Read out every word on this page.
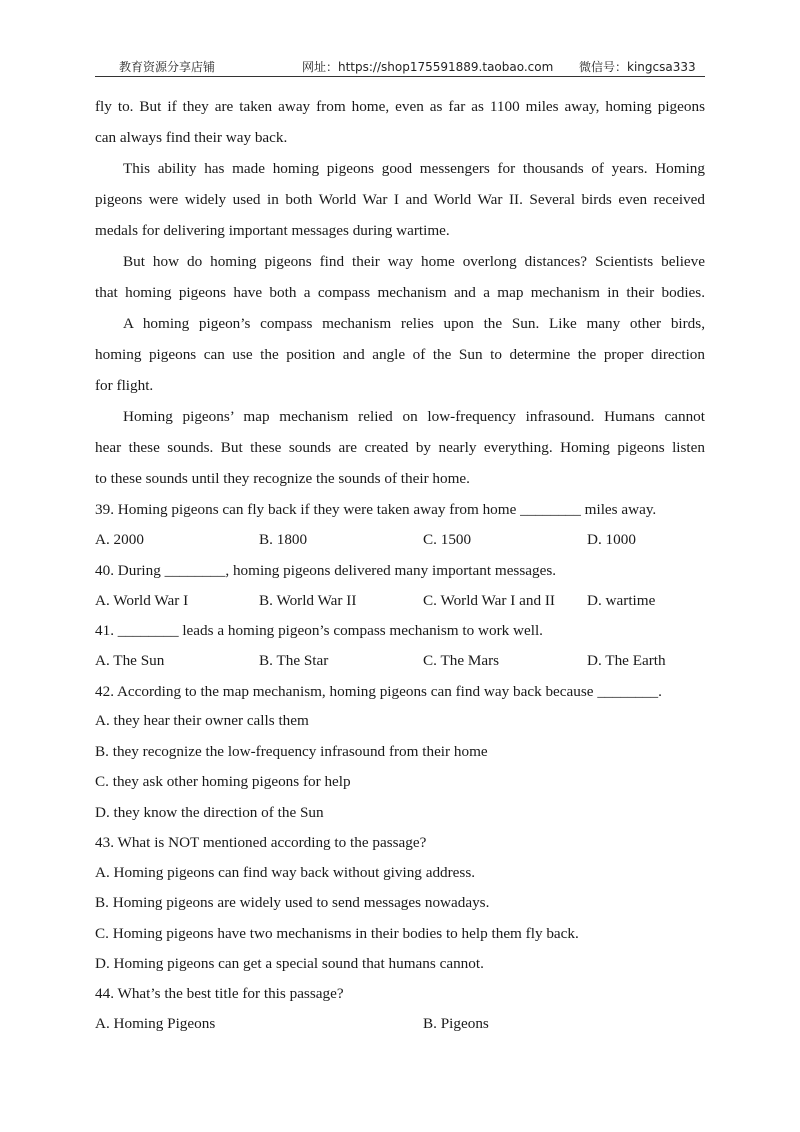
教育资源分享店铺	网址：https://shop175591889.taobao.com 微信号：kingcsa333
fly to. But if they are taken away from home, even as far as 1100 miles away, homing pigeons
can always find their way back.
This ability has made homing pigeons good messengers for thousands of years. Homing
pigeons were widely used in both World War I and World War II. Several birds even received
medals for delivering important messages during wartime.
But how do homing pigeons find their way home overlong distances? Scientists believe
that homing pigeons have both a compass mechanism and a map mechanism in their bodies.
A homing pigeon’s compass mechanism relies upon the Sun. Like many other birds,
homing pigeons can use the position and angle of the Sun to determine the proper direction
for flight.
Homing pigeons’ map mechanism relied on low-frequency infrasound. Humans cannot
hear these sounds. But these sounds are created by nearly everything. Homing pigeons listen
to these sounds until they recognize the sounds of their home.
39. Homing pigeons can fly back if they were taken away from home ________ miles away.
A. 2000	B. 1800	C. 1500	D. 1000
40. During ________, homing pigeons delivered many important messages.
A. World War I	B. World War II	C. World War I and II D. wartime
41. ________ leads a homing pigeon’s compass mechanism to work well.
A. The Sun	B. The Star	C. The Mars	D. The Earth
42. According to the map mechanism, homing pigeons can find way back because ________.
A. they hear their owner calls them
B. they recognize the low-frequency infrasound from their home
C. they ask other homing pigeons for help
D. they know the direction of the Sun
43. What is NOT mentioned according to the passage?
A. Homing pigeons can find way back without giving address.
B. Homing pigeons are widely used to send messages nowadays.
C. Homing pigeons have two mechanisms in their bodies to help them fly back.
D. Homing pigeons can get a special sound that humans cannot.
44. What’s the best title for this passage?
A. Homing Pigeons	B. Pigeons
